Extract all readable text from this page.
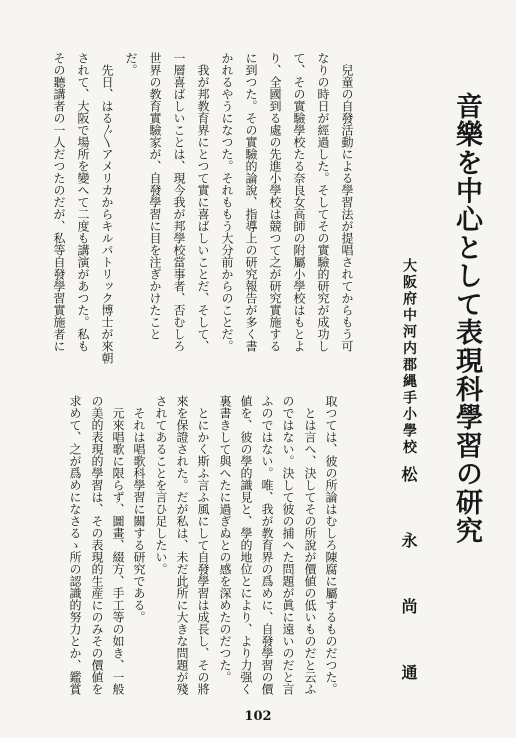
音樂を中心として表現科學習の研究
大阪府中河内郡縄手小學校
松永尚通

兒童の自發活動による學習法が提唱されてからもう可

なりの時日が經過した。そしてその實驗的研究が成功し

て、その實驗學校たる奈良女高師の附屬小學校はもとよ

り、全國到る處の先進小學校は競つて之が研究實施する

に到つた。その實驗的論說、指導上の研究報告が多く書

かれるやうになつた。それももう大分前からのことだ。

我が邦教育界にとつて實に喜ばしいことだ、そして、

一層喜ばしいことは、現今我が邦學校當事者、否むしろ

世界の教育實驗家が、自發學習に目を注ぎかけたこと

だ。

先日、はる〲アメリカからキルパトリック博士が來朝

されて、大阪で場所を變へて二度も講演があつた。私も

その聽講者の一人だつたのだが、私等自發學習實施者に

取つては、彼の所論はむしろ陳腐に屬するものだつた。

とは言へ、決してその所說が價値の低いものだと云ふ

のではない。決して彼の捕へた問題が眞に遠いのだと言

ふのではない。唯、我が教育界の爲めに、自發學習の價

値を、彼の學的識見と、學的地位とにより、より力强く

裏書きして與へたに過ぎぬとの感を深めたのだつた。

とにかく斯ふ言ふ風にして自發學習は成長し、その將

來を保證された。だが私は、未だ此所に大きな問題が殘

されてあることを言ひ足したい。

それは唱歌科學習に關する研究である。

元來唱歌に限らず、圖畫、綴方、手工等の如き、一般

の美的表現的學習は、その表現的生産にのみその價値を

求めて、之が爲めになさるゝ所の認識的努力とか、鑑賞

102
